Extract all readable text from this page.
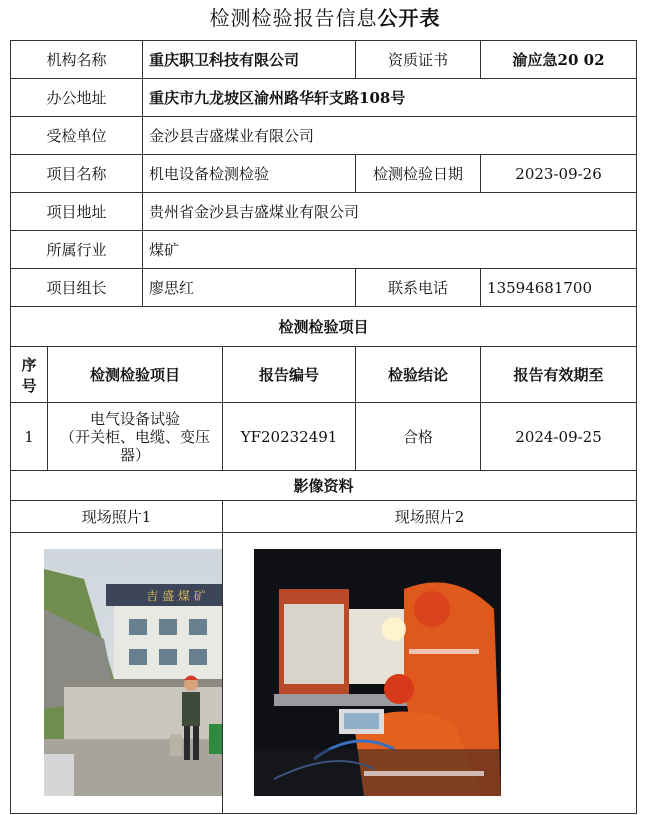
检测检验报告信息公开表
机构名称		重庆职卫科技有限公司		资质证书	渝应急20 02
办公地址		重庆市九龙坡区渝州路华轩支路108号			
受检单位		金沙县吉盛煤业有限公司			
项目名称		机电设备检测检验		检测检验日期	2023-09-26
项目地址		贵州省金沙县吉盛煤业有限公司			
所属行业		煤矿			
项目组长		廖思红		联系电话	13594681700
检测检验项目					

序
号	检测检验项目		报告编号	检验结论	报告有效期至
1	电气设备试验
（开关柜、电缆、变压
器）		YF20232491	合格	2024-09-25
影像资料					
现场照片1			现场照片2		

吉 盛 煤 矿
